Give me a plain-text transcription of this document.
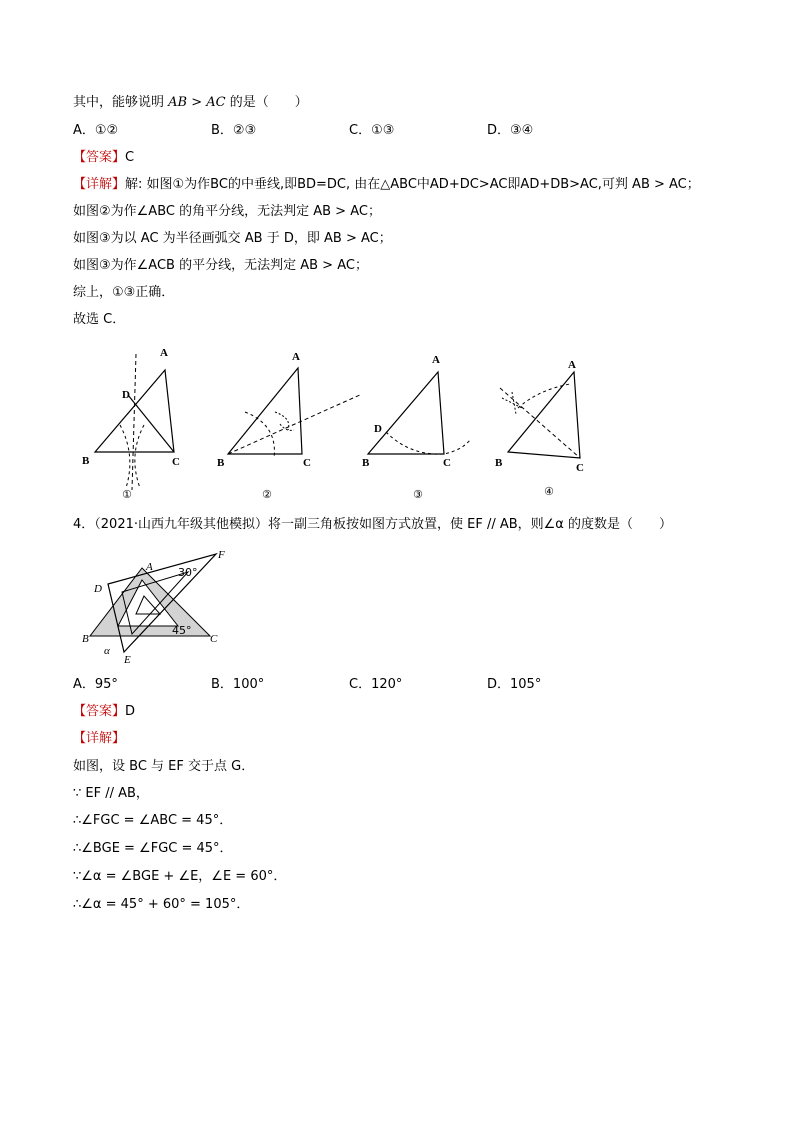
其中，能够说明 AB > AC 的是（　　）
A．①②	B．②③	C．①③	D．③④
【答案】C
【详解】解: 如图①为作BC的中垂线,即BD=DC, 由在△ABC中AD+DC>AC即AD+DB>AC,可判 AB > AC；
如图②为作∠ABC 的角平分线，无法判定 AB > AC；
如图③为以 AC 为半径画弧交 AB 于 D，即 AB > AC；
如图③为作∠ACB 的平分线，无法判定 AB > AC；
综上，①③正确．
故选 C．
A
D
B	C
①
A
B	C
②
A
D
B	C
③
A
B	C
④
4．（2021·山西九年级其他模拟）将一副三角板按如图方式放置，使 EF // AB，则∠α 的度数是（　　）
30°
45°
α
A
B	C
D
E
F
A．95°	B．100°	C．120°	D．105°
【答案】D
【详解】
如图，设 BC 与 EF 交于点 G．
∵ EF // AB，
∴∠FGC = ∠ABC = 45°．
∴∠BGE = ∠FGC = 45°．
∵∠α = ∠BGE + ∠E，∠E = 60°．
∴∠α = 45° + 60° = 105°．
